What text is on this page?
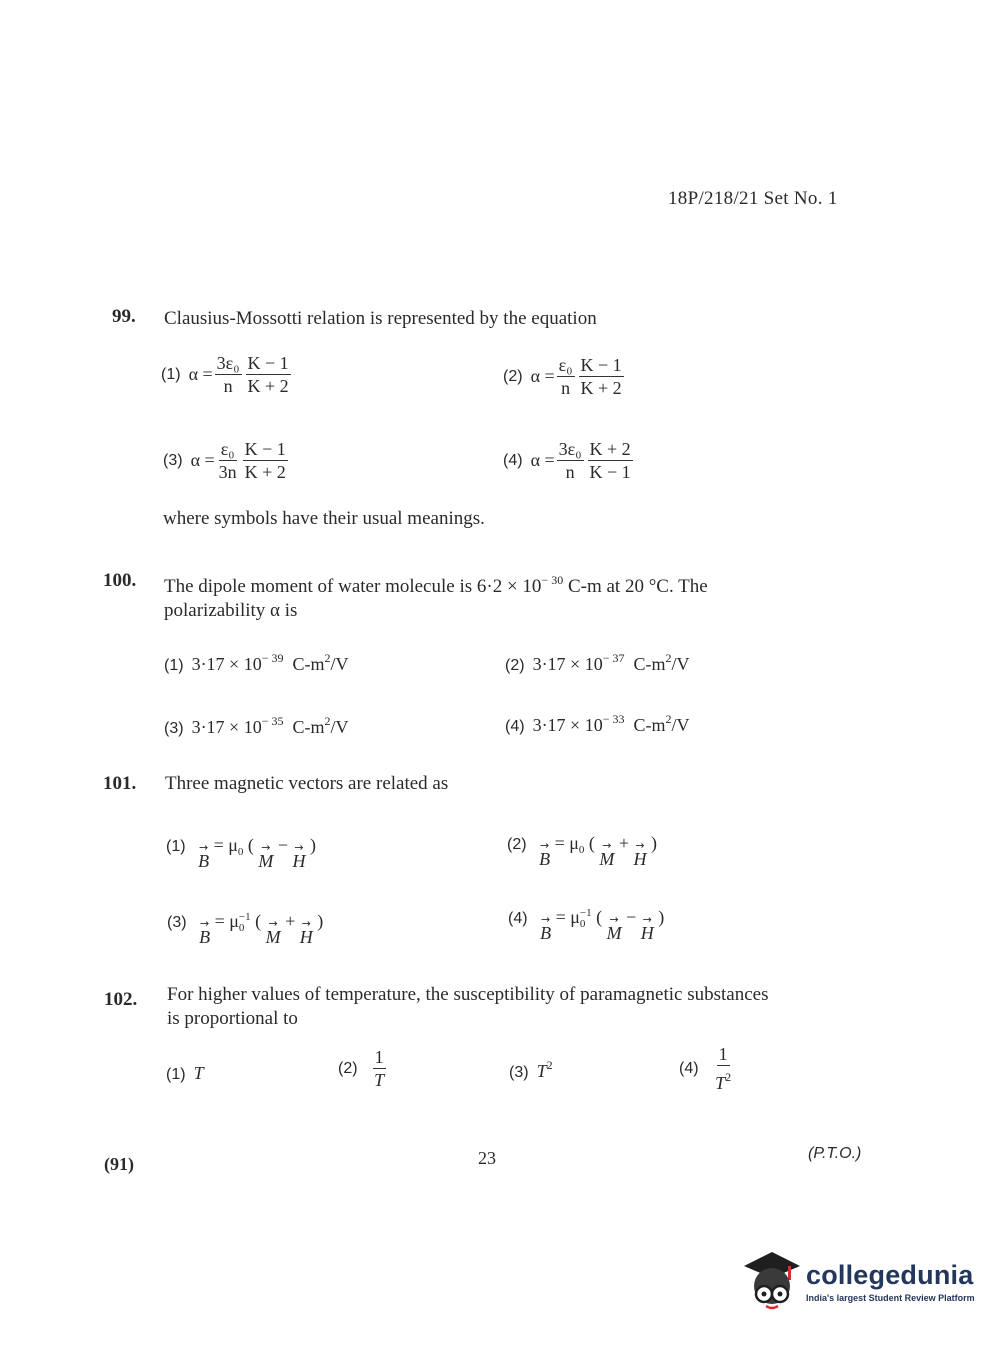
18P/218/21 Set No. 1
99. Clausius-Mossotti relation is represented by the equation
(1) $\alpha = \frac{\text{3ε₀}}{n} \frac{K - 1}{K + 2}$	(2) $\alpha = \frac{\text{ε₀}}{n} \frac{K - 1}{K + 2}$
(3) $\alpha = \frac{\text{ε₀}}{3n} \frac{K - 1}{K + 2}$	(4) $\alpha = \frac{\text{3ε₀}}{n} \frac{K + 2}{K - 1}$
where symbols have their usual meanings.
100. The dipole moment of water molecule is $6\cdot 2 \times 10^{- 30}$ C-m at 20 °C. The
polarizability α is
(1) $3\cdot 17 \times 10^{- 39}$ $C-m^2/V$	(2) $3\cdot 17 \times 10^{- 37}$ $C-m^2/V$
(3) $3\cdot 17 \times 10^{- 35}$ $C-m^2/V$	(4) $3\cdot 17 \times 10^{- 33}$ $C-m^2/V$
101. Three magnetic vectors are related as
(1) →
B
= $\mu_0$ ( →
M
− →
H
)	(2) →
B
= $\mu_0$ ( →
M
+ →
H
)
(3) →
B
= μ −1
0 ( →
M
+ →
H
)	(4) →
B
= μ −1
0 ( →
M
− →
H
)
102. For higher values of temperature, the susceptibility of paramagnetic substances
is proportional to
(1) T	$(2) \frac{1}{T}$	(3) $T^2$	$(4) \frac{1}{T^2}$
(91)	23	(P.T.O.)
collegedunia
India's largest Student Review Platform
